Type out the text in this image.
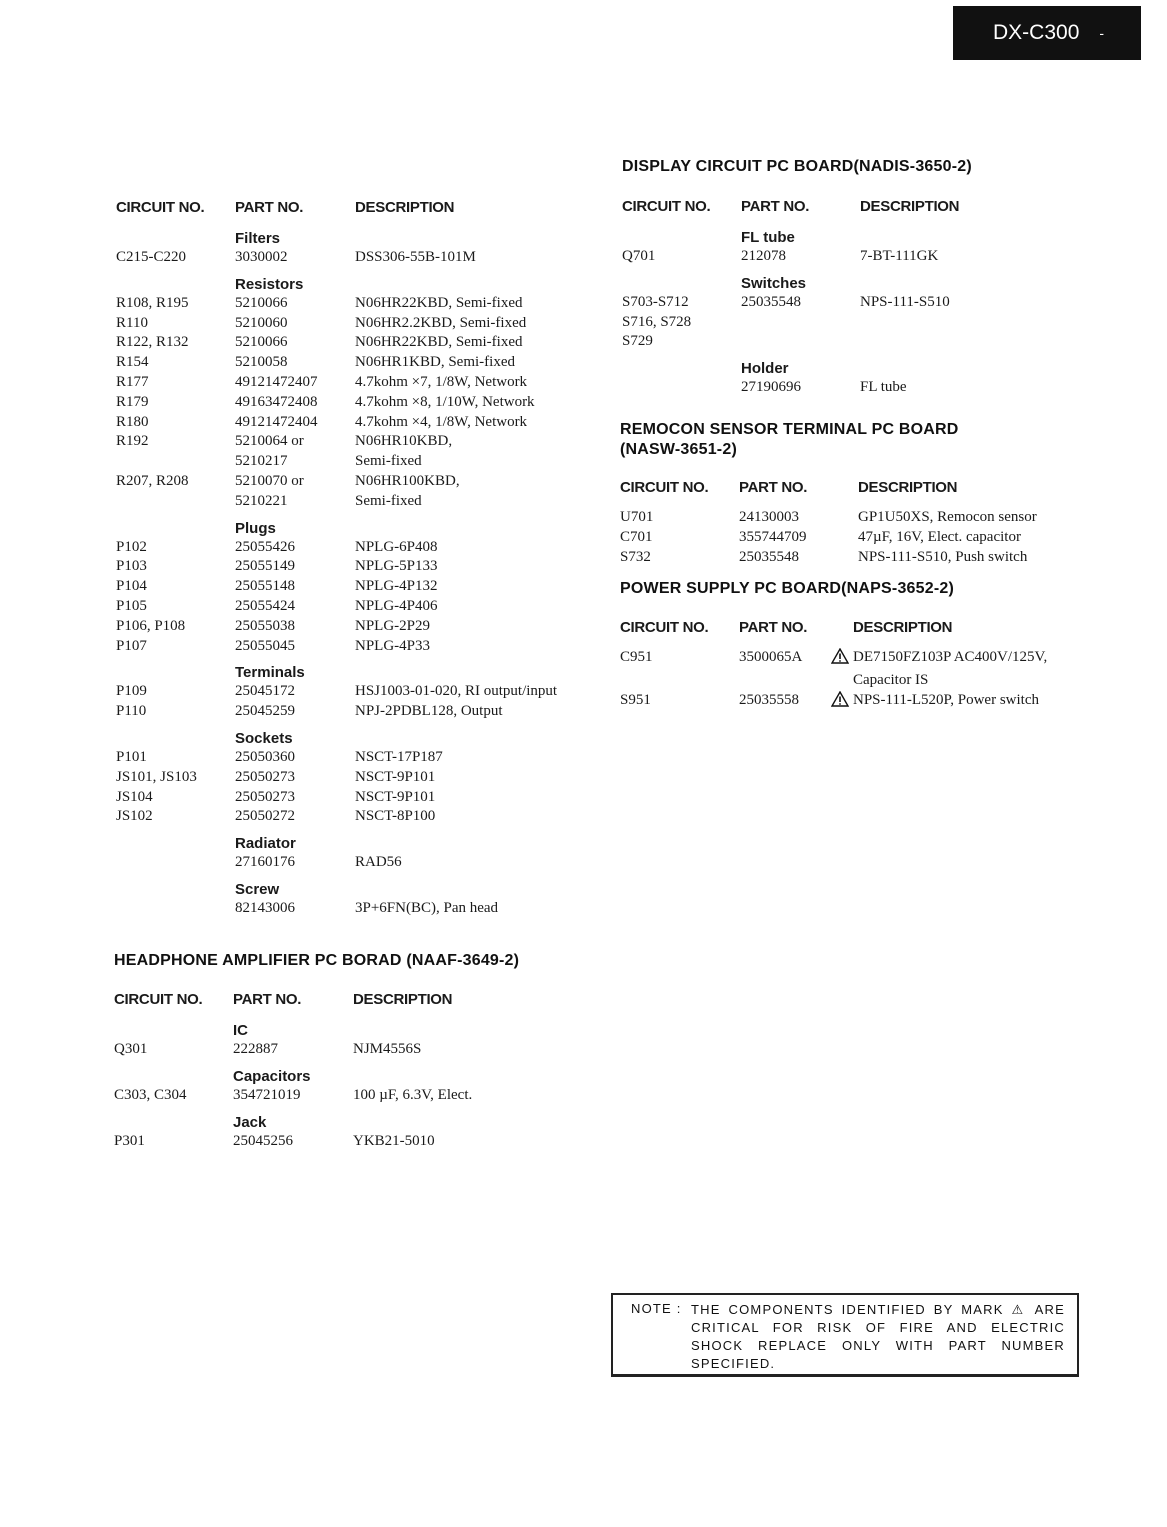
DX-C300 -
CIRCUIT NO.	PART NO.	DESCRIPTION
	Filters	
C215-C220	3030002	DSS306-55B-101M

	Resistors	
R108, R195	5210066	N06HR22KBD, Semi-fixed
R110	5210060	N06HR2.2KBD, Semi-fixed
R122, R132	5210066	N06HR22KBD, Semi-fixed
R154	5210058	N06HR1KBD, Semi-fixed
R177	49121472407	4.7kohm ×7, 1/8W, Network
R179	49163472408	4.7kohm ×8, 1/10W, Network
R180	49121472404	4.7kohm ×4, 1/8W, Network
R192	5210064 or	N06HR10KBD,
	5210217	Semi-fixed
R207, R208	5210070 or	N06HR100KBD,
	5210221	Semi-fixed

	Plugs	
P102	25055426	NPLG-6P408
P103	25055149	NPLG-5P133
P104	25055148	NPLG-4P132
P105	25055424	NPLG-4P406
P106, P108	25055038	NPLG-2P29
P107	25055045	NPLG-4P33

	Terminals	
P109	25045172	HSJ1003-01-020, RI output/input
P110	25045259	NPJ-2PDBL128, Output

	Sockets	
P101	25050360	NSCT-17P187
JS101, JS103	25050273	NSCT-9P101
JS104	25050273	NSCT-9P101
JS102	25050272	NSCT-8P100

	Radiator	
	27160176	RAD56

	Screw	
	82143006	3P+6FN(BC), Pan head
HEADPHONE AMPLIFIER PC BORAD (NAAF-3649-2)
CIRCUIT NO.	PART NO.	DESCRIPTION
	IC	
Q301	222887	NJM4556S

	Capacitors	
C303, C304	354721019	100 µF, 6.3V, Elect.

	Jack	
P301	25045256	YKB21-5010
DISPLAY CIRCUIT PC BOARD(NADIS-3650-2)
CIRCUIT NO.	PART NO.	DESCRIPTION
	FL tube	
Q701	212078	7-BT-111GK

	Switches	
S703-S712	25035548	NPS-111-S510
S716, S728		
S729		

	Holder	
	27190696	FL tube
REMOCON SENSOR TERMINAL PC BOARD
(NASW-3651-2)
CIRCUIT NO.	PART NO.	DESCRIPTION
U701	24130003	GP1U50XS, Remocon sensor
C701	355744709	47µF, 16V, Elect. capacitor
S732	25035548	NPS-111-S510, Push switch
POWER SUPPLY PC BOARD(NAPS-3652-2)
CIRCUIT NO.	PART NO.		DESCRIPTION
C951	3500065A		DE7150FZ103P AC400V/125V,
			Capacitor IS
S951	25035558		NPS-111-L520P, Power switch
NOTE : THE COMPONENTS IDENTIFIED BY MARK ⚠ ARE CRITICAL FOR RISK OF FIRE AND ELECTRIC SHOCK REPLACE ONLY WITH PART NUMBER SPECIFIED.
